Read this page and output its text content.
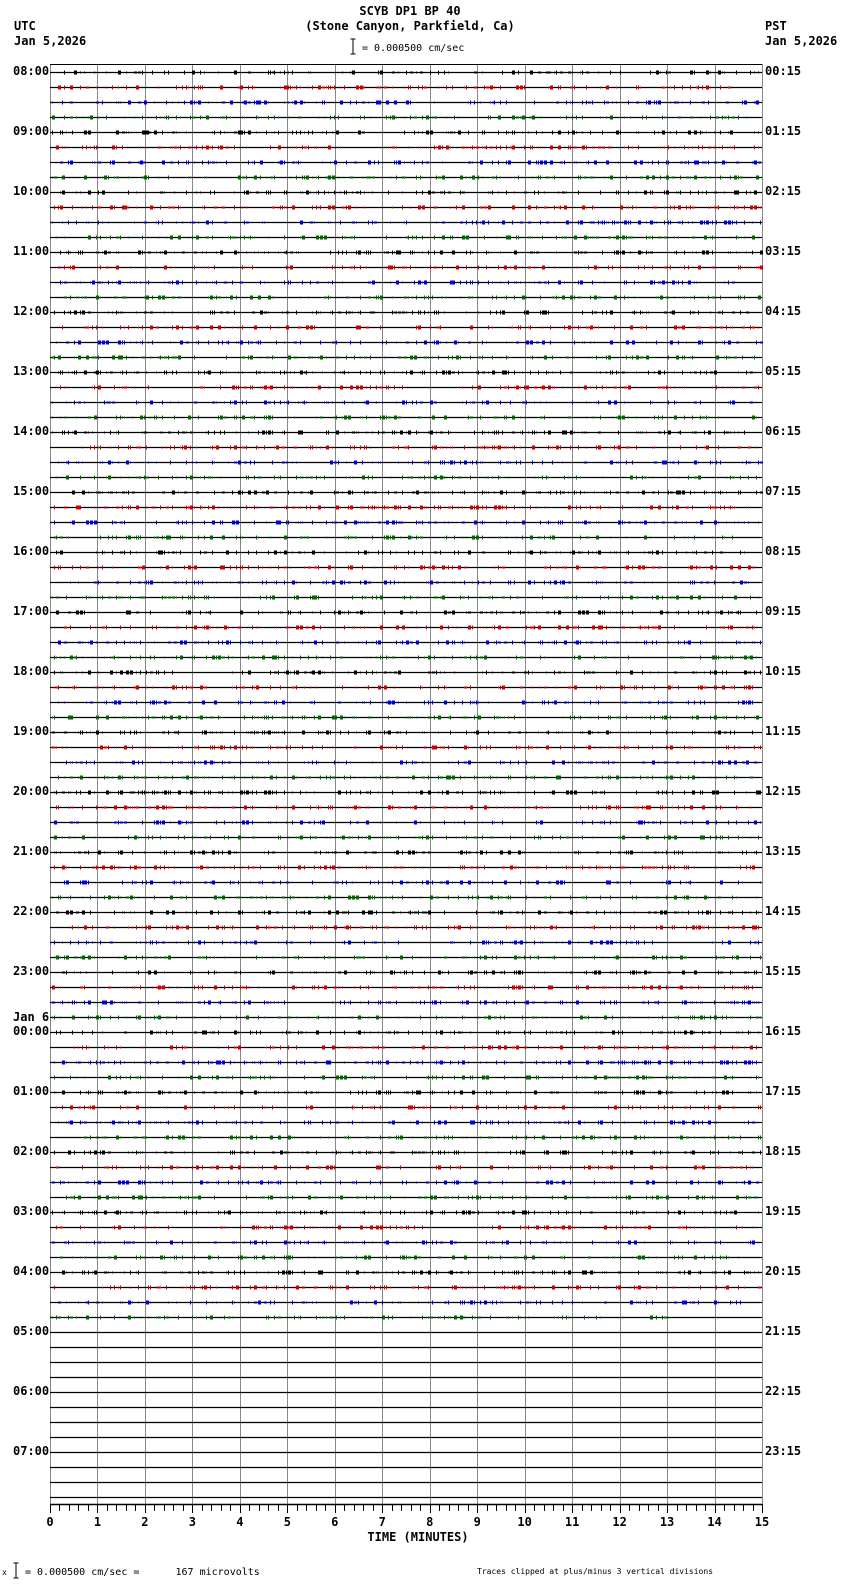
SCYB DP1 BP 40
(Stone Canyon, Parkfield, Ca)
UTC
Jan 5,2026
PST
Jan 5,2026
= 0.000500 cm/sec
08:00
09:00
10:00
11:00
12:00
13:00
14:00
15:00
16:00
17:00
18:00
19:00
20:00
21:00
22:00
23:00
00:00
Jan 6
01:00
02:00
03:00
04:00
05:00
06:00
07:00
00:15
01:15
02:15
03:15
04:15
05:15
06:15
07:15
08:15
09:15
10:15
11:15
12:15
13:15
14:15
15:15
16:15
17:15
18:15
19:15
20:15
21:15
22:15
23:15
0	1	2	3	4	5	6	7	8	9	10	11	12	13	14	15
TIME (MINUTES)
x = 0.000500 cm/sec =      167 microvolts	Traces clipped at plus/minus 3 vertical divisions
